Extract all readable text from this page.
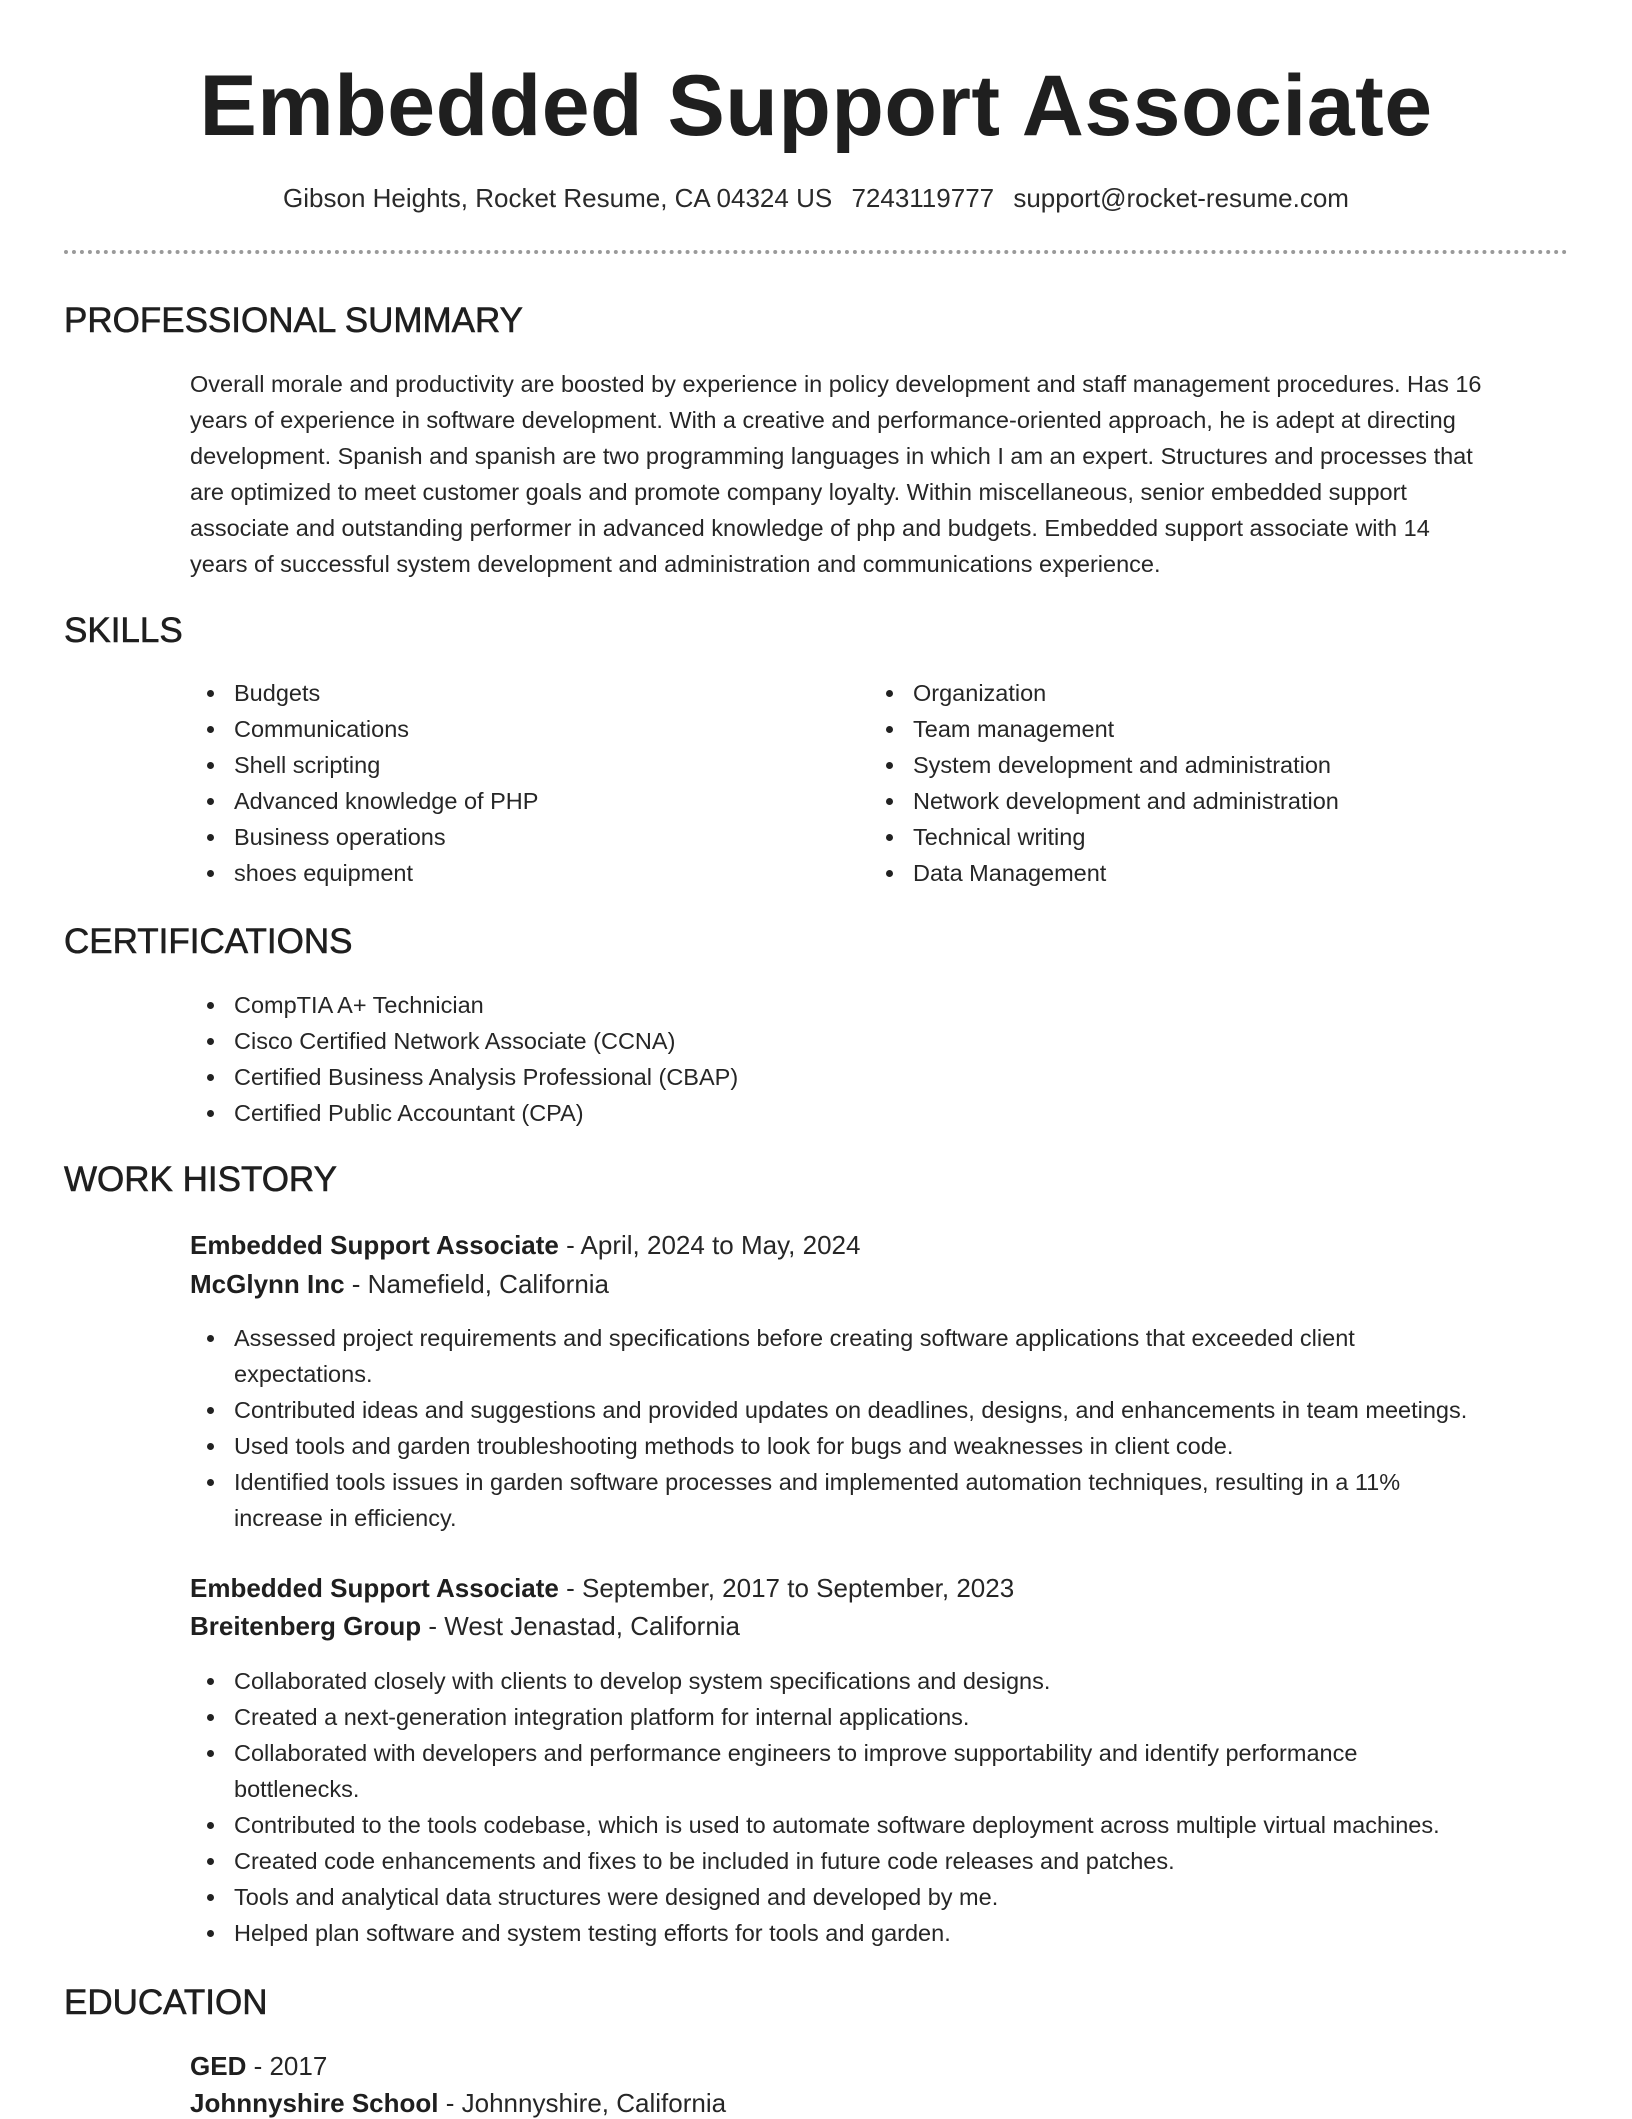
Embedded Support Associate
Gibson Heights, Rocket Resume, CA 04324 US 7243119777 support@rocket-resume.com
PROFESSIONAL SUMMARY
Overall morale and productivity are boosted by experience in policy development and staff management procedures. Has 16
years of experience in software development. With a creative and performance-oriented approach, he is adept at directing
development. Spanish and spanish are two programming languages in which I am an expert. Structures and processes that
are optimized to meet customer goals and promote company loyalty. Within miscellaneous, senior embedded support
associate and outstanding performer in advanced knowledge of php and budgets. Embedded support associate with 14
years of successful system development and administration and communications experience.
SKILLS
Budgets
Communications
Shell scripting
Advanced knowledge of PHP
Business operations
shoes equipment
Organization
Team management
System development and administration
Network development and administration
Technical writing
Data Management
CERTIFICATIONS
CompTIA A+ Technician
Cisco Certified Network Associate (CCNA)
Certified Business Analysis Professional (CBAP)
Certified Public Accountant (CPA)
WORK HISTORY
Embedded Support Associate - April, 2024 to May, 2024
McGlynn Inc - Namefield, California
Assessed project requirements and specifications before creating software applications that exceeded client
expectations.
Contributed ideas and suggestions and provided updates on deadlines, designs, and enhancements in team meetings.
Used tools and garden troubleshooting methods to look for bugs and weaknesses in client code.
Identified tools issues in garden software processes and implemented automation techniques, resulting in a 11%
increase in efficiency.
Embedded Support Associate - September, 2017 to September, 2023
Breitenberg Group - West Jenastad, California
Collaborated closely with clients to develop system specifications and designs.
Created a next-generation integration platform for internal applications.
Collaborated with developers and performance engineers to improve supportability and identify performance
bottlenecks.
Contributed to the tools codebase, which is used to automate software deployment across multiple virtual machines.
Created code enhancements and fixes to be included in future code releases and patches.
Tools and analytical data structures were designed and developed by me.
Helped plan software and system testing efforts for tools and garden.
EDUCATION
GED - 2017
Johnnyshire School - Johnnyshire, California
